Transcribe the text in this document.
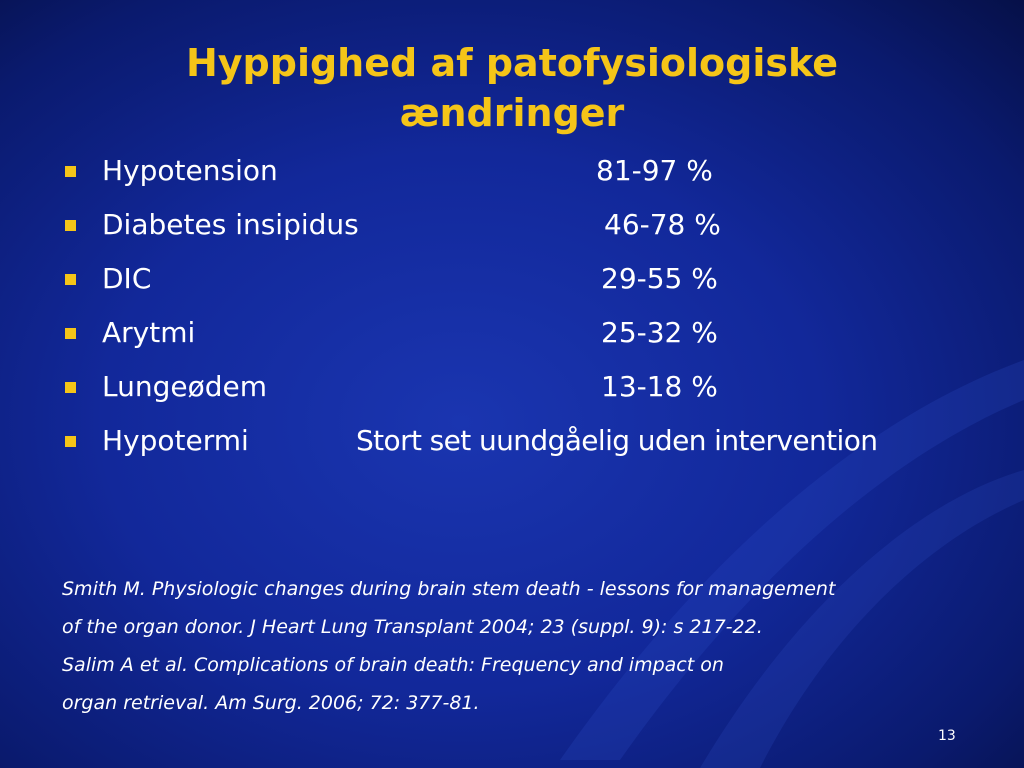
Hyppighed af patofysiologiske
ændringer
Hypotension	81-97 %
Diabetes insipidus	46-78 %
DIC	29-55 %
Arytmi	25-32 %
Lungeødem	13-18 %
Hypotermi	Stort set uundgåelig uden intervention
Smith M. Physiologic changes during brain stem death - lessons for management
of the organ donor. J Heart Lung Transplant 2004; 23 (suppl. 9): s 217-22.
Salim A et al. Complications of brain death: Frequency and impact on
organ retrieval. Am Surg. 2006; 72: 377-81.
13
